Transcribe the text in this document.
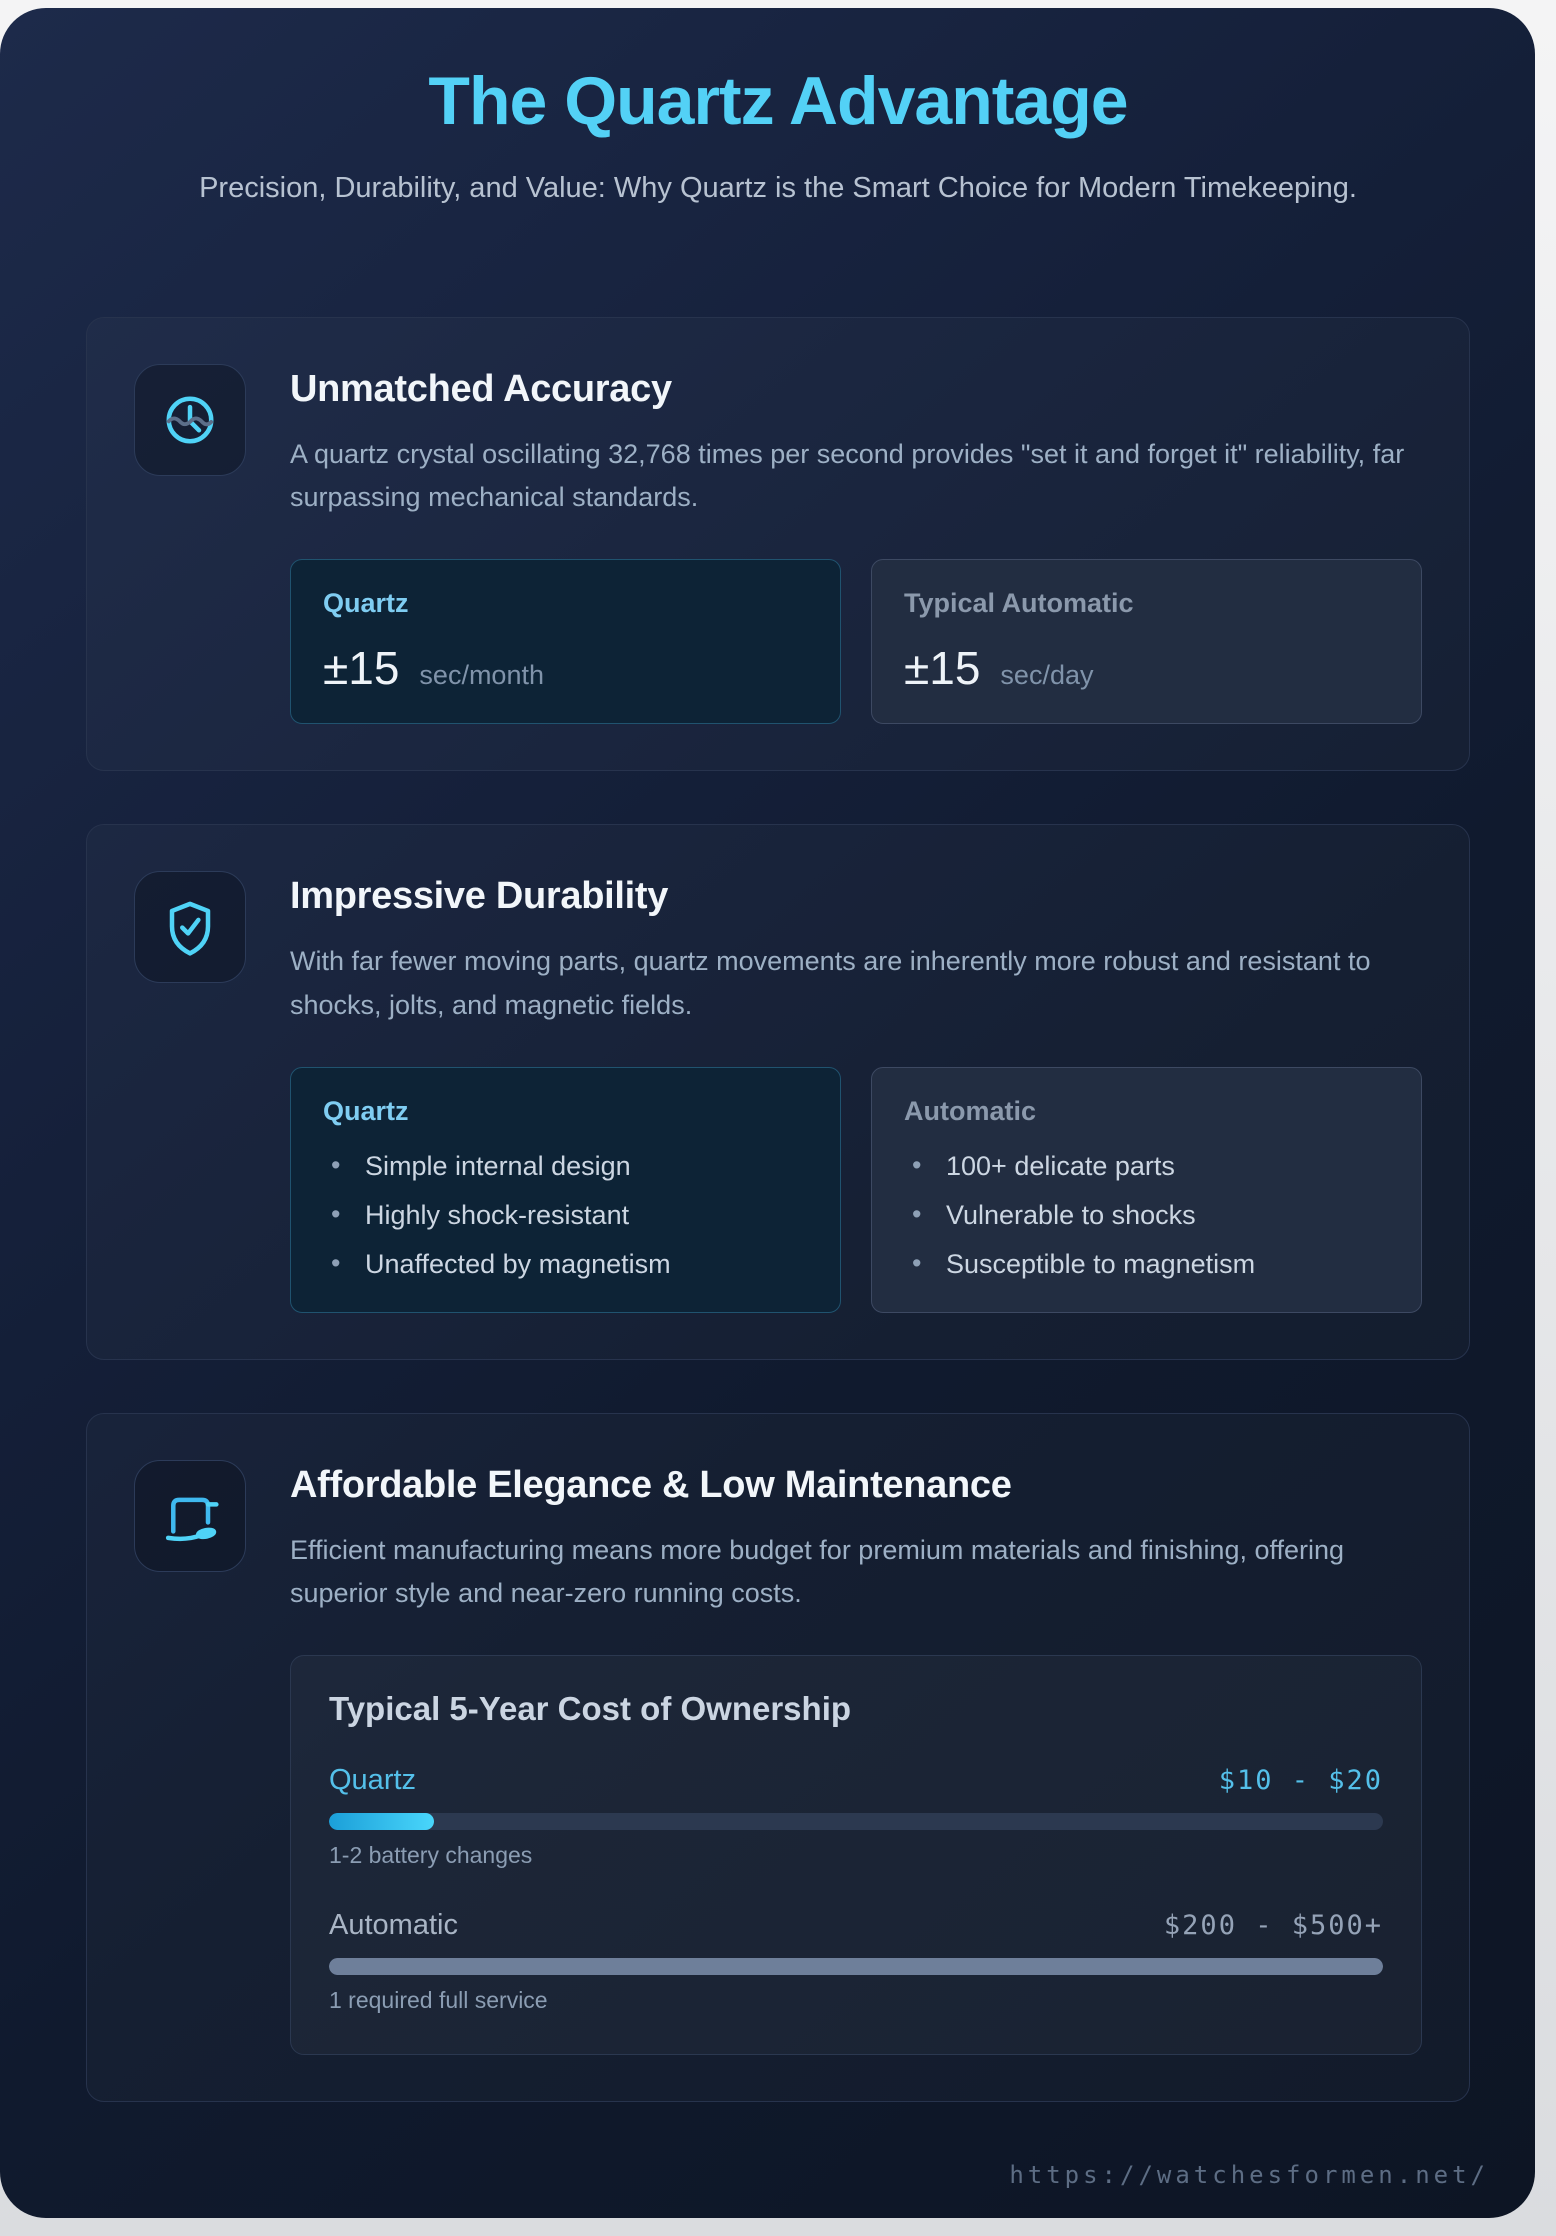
The Quartz Advantage

Precision, Durability, and Value: Why Quartz is the Smart Choice for Modern Timekeeping.

Unmatched Accuracy

A quartz crystal oscillating 32,768 times per second provides "set it and forget it" reliability, far surpassing mechanical standards.

Quartz
±15 sec/month
Typical Automatic
±15 sec/day
Impressive Durability

With far fewer moving parts, quartz movements are inherently more robust and resistant to shocks, jolts, and magnetic fields.

Quartz
• Simple internal design
• Highly shock-resistant
• Unaffected by magnetism
Automatic
• 100+ delicate parts
• Vulnerable to shocks
• Susceptible to magnetism
Affordable Elegance & Low Maintenance

Efficient manufacturing means more budget for premium materials and finishing, offering superior style and near-zero running costs.

Typical 5-Year Cost of Ownership
Quartz	$10 - $20
1-2 battery changes
Automatic	$200 - $500+
1 required full service
https://watchesformen.net/
